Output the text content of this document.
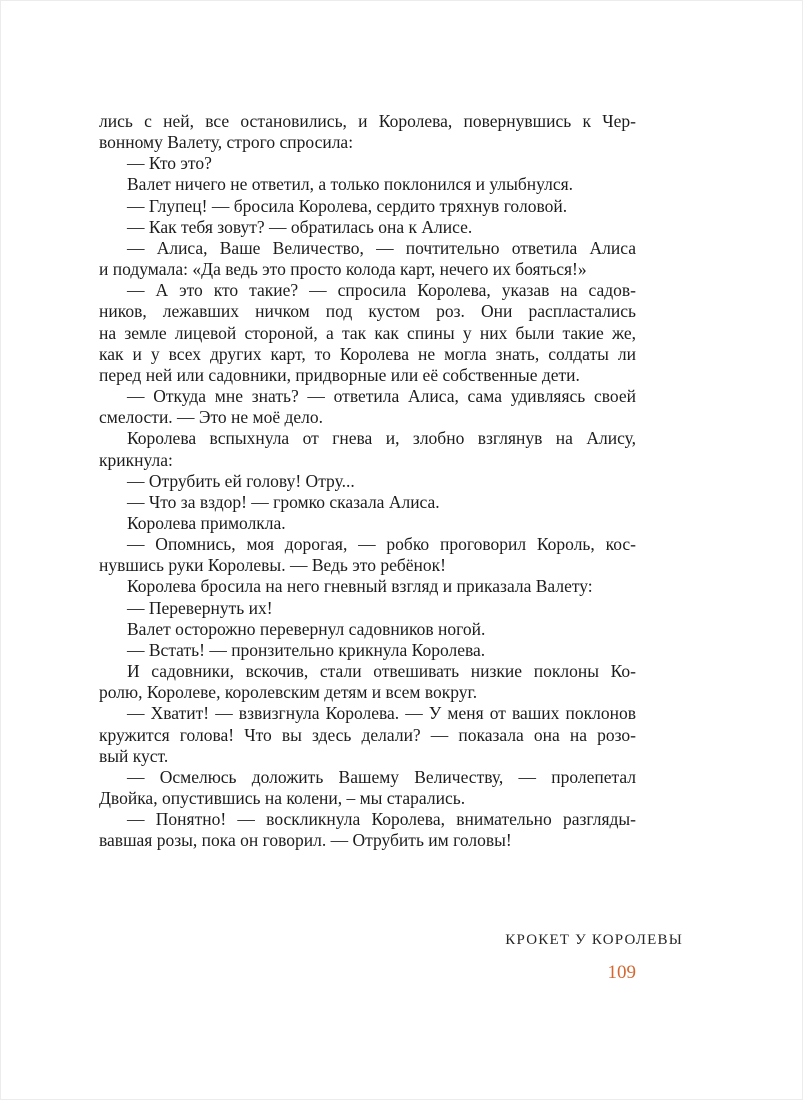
лись с ней, все остановились, и Королева, повернувшись к Чер-
вонному Валету, строго спросила:

— Кто это?

Валет ничего не ответил, а только поклонился и улыбнулся.

— Глупец! — бросила Королева, сердито тряхнув головой.

— Как тебя зовут? — обратилась она к Алисе.

— Алиса, Ваше Величество, — почтительно ответила Алиса
и подумала: «Да ведь это просто колода карт, нечего их бояться!»

— А это кто такие? — спросила Королева, указав на садов-
ников, лежавших ничком под кустом роз. Они распластались
на земле лицевой стороной, а так как спины у них были такие же,
как и у всех других карт, то Королева не могла знать, солдаты ли
перед ней или садовники, придворные или её собственные дети.

— Откуда мне знать? — ответила Алиса, сама удивляясь своей
смелости. — Это не моё дело.

Королева вспыхнула от гнева и, злобно взглянув на Алису,
крикнула:

— Отрубить ей голову! Отру...

— Что за вздор! — громко сказала Алиса.

Королева примолкла.

— Опомнись, моя дорогая, — робко проговорил Король, кос-
нувшись руки Королевы. — Ведь это ребёнок!

Королева бросила на него гневный взгляд и приказала Валету:

— Перевернуть их!

Валет осторожно перевернул садовников ногой.

— Встать! — пронзительно крикнула Королева.

И садовники, вскочив, стали отвешивать низкие поклоны Ко-
ролю, Королеве, королевским детям и всем вокруг.

— Хватит! — взвизгнула Королева. — У меня от ваших поклонов
кружится голова! Что вы здесь делали? — показала она на розо-
вый куст.

— Осмелюсь доложить Вашему Величеству, — пролепетал
Двойка, опустившись на колени, – мы старались.

— Понятно! — воскликнула Королева, внимательно разгляды-
вавшая розы, пока он говорил. — Отрубить им головы!

КРОКЕТ У КОРОЛЕВЫ
109
